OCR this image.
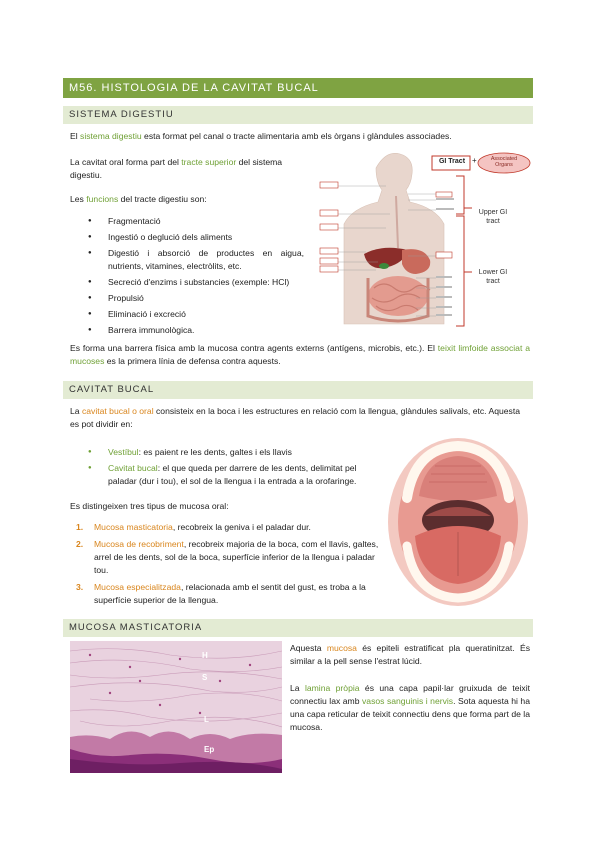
M56. HISTOLOGIA DE LA CAVITAT BUCAL
SISTEMA DIGESTIU
El sistema digestiu esta format pel canal o tracte alimentaria amb els òrgans i glàndules associades.
La cavitat oral forma part del tracte superior del sistema digestiu.
Les funcions del tracte digestiu son:
● Fragmentació
● Ingestió o deglució dels aliments
● Digestió i absorció de productes en aigua, nutrients, vitamines, electròlits, etc.
● Secreció d'enzims i substancies (exemple: HCl)
● Propulsió
● Eliminació i excreció
● Barrera immunològica.
GI Tract +	Associated Organs
Upper GI tract
Lower GI tract
Es forma una barrera física amb la mucosa contra agents externs (antígens, microbis, etc.). El teixit limfoide associat a mucoses es la primera línia de defensa contra aquests.
CAVITAT BUCAL
La cavitat bucal o oral consisteix en la boca i les estructures en relació com la llengua, glàndules salivals, etc. Aquesta es pot dividir en:
● Vestíbul: es paient re les dents, galtes i els llavis
● Cavitat bucal: el que queda per darrere de les dents, delimitat pel paladar (dur i tou), el sol de la llengua i la entrada a la orofaringe.
Es distingeixen tres tipus de mucosa oral:
1. Mucosa masticatoria, recobreix la geniva i el paladar dur.
2. Mucosa de recobriment, recobreix majoria de la boca, com el llavis, galtes, arrel de les dents, sol de la boca, superfície inferior de la llengua i paladar tou.
3. Mucosa especialitzada, relacionada amb el sentit del gust, es troba a la superfície superior de la llengua.
MUCOSA MASTICATORIA
H
S
L
Ep
Aquesta mucosa és epiteli estratificat pla queratinitzat. És similar a la pell sense l'estrat lúcid.
La lamina pròpia és una capa papil·lar gruixuda de teixit connectiu lax amb vasos sanguinis i nervis. Sota aquesta hi ha una capa reticular de teixit connectiu dens que forma part de la mucosa.
